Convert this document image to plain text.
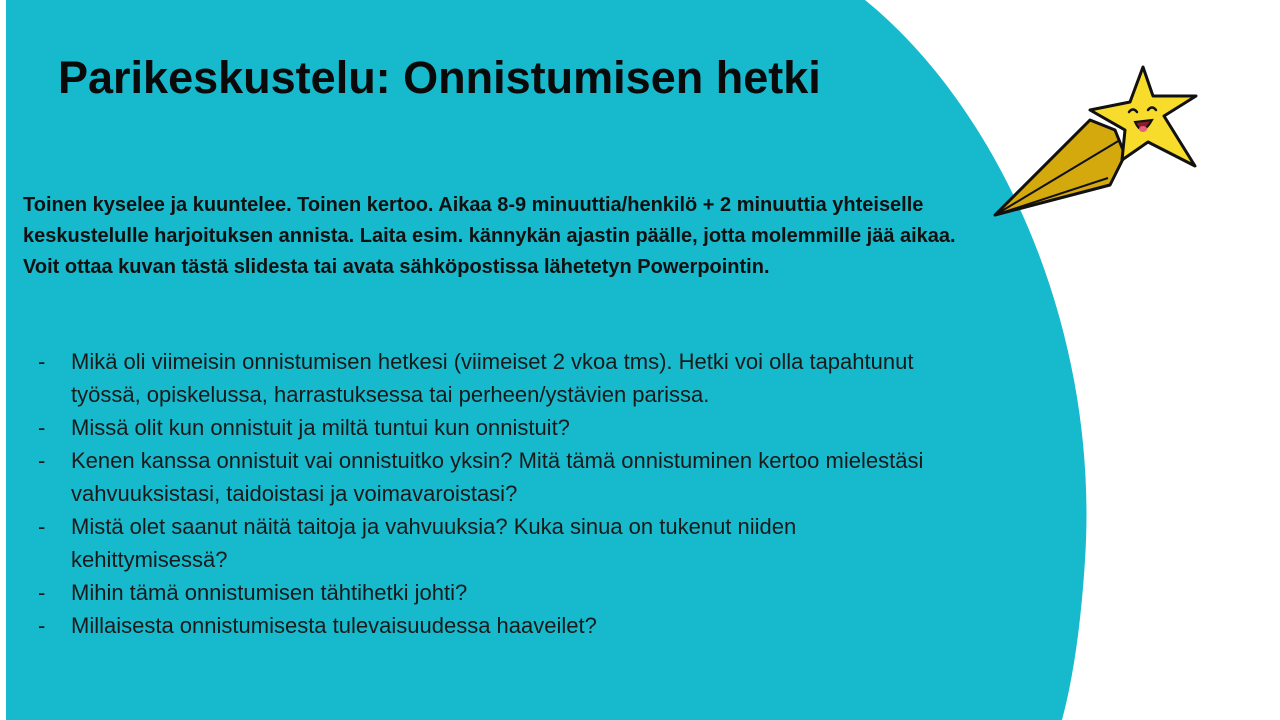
Parikeskustelu: Onnistumisen hetki

Toinen kyselee ja kuuntelee. Toinen kertoo. Aikaa 8-9 minuuttia/henkilö + 2 minuuttia yhteiselle keskustelulle harjoituksen annista. Laita esim. kännykän ajastin päälle, jotta molemmille jää aikaa. Voit ottaa kuvan tästä slidesta tai avata sähköpostissa lähetetyn Powerpointin.

- Mikä oli viimeisin onnistumisen hetkesi (viimeiset 2 vkoa tms). Hetki voi olla tapahtunut työssä, opiskelussa, harrastuksessa tai perheen/ystävien parissa.
- Missä olit kun onnistuit ja miltä tuntui kun onnistuit?
- Kenen kanssa onnistuit vai onnistuitko yksin? Mitä tämä onnistuminen kertoo mielestäsi vahvuuksistasi, taidoistasi ja voimavaroistasi?
- Mistä olet saanut näitä taitoja ja vahvuuksia? Kuka sinua on tukenut niiden kehittymisessä?
- Mihin tämä onnistumisen tähtihetki johti?
- Millaisesta onnistumisesta tulevaisuudessa haaveilet?
